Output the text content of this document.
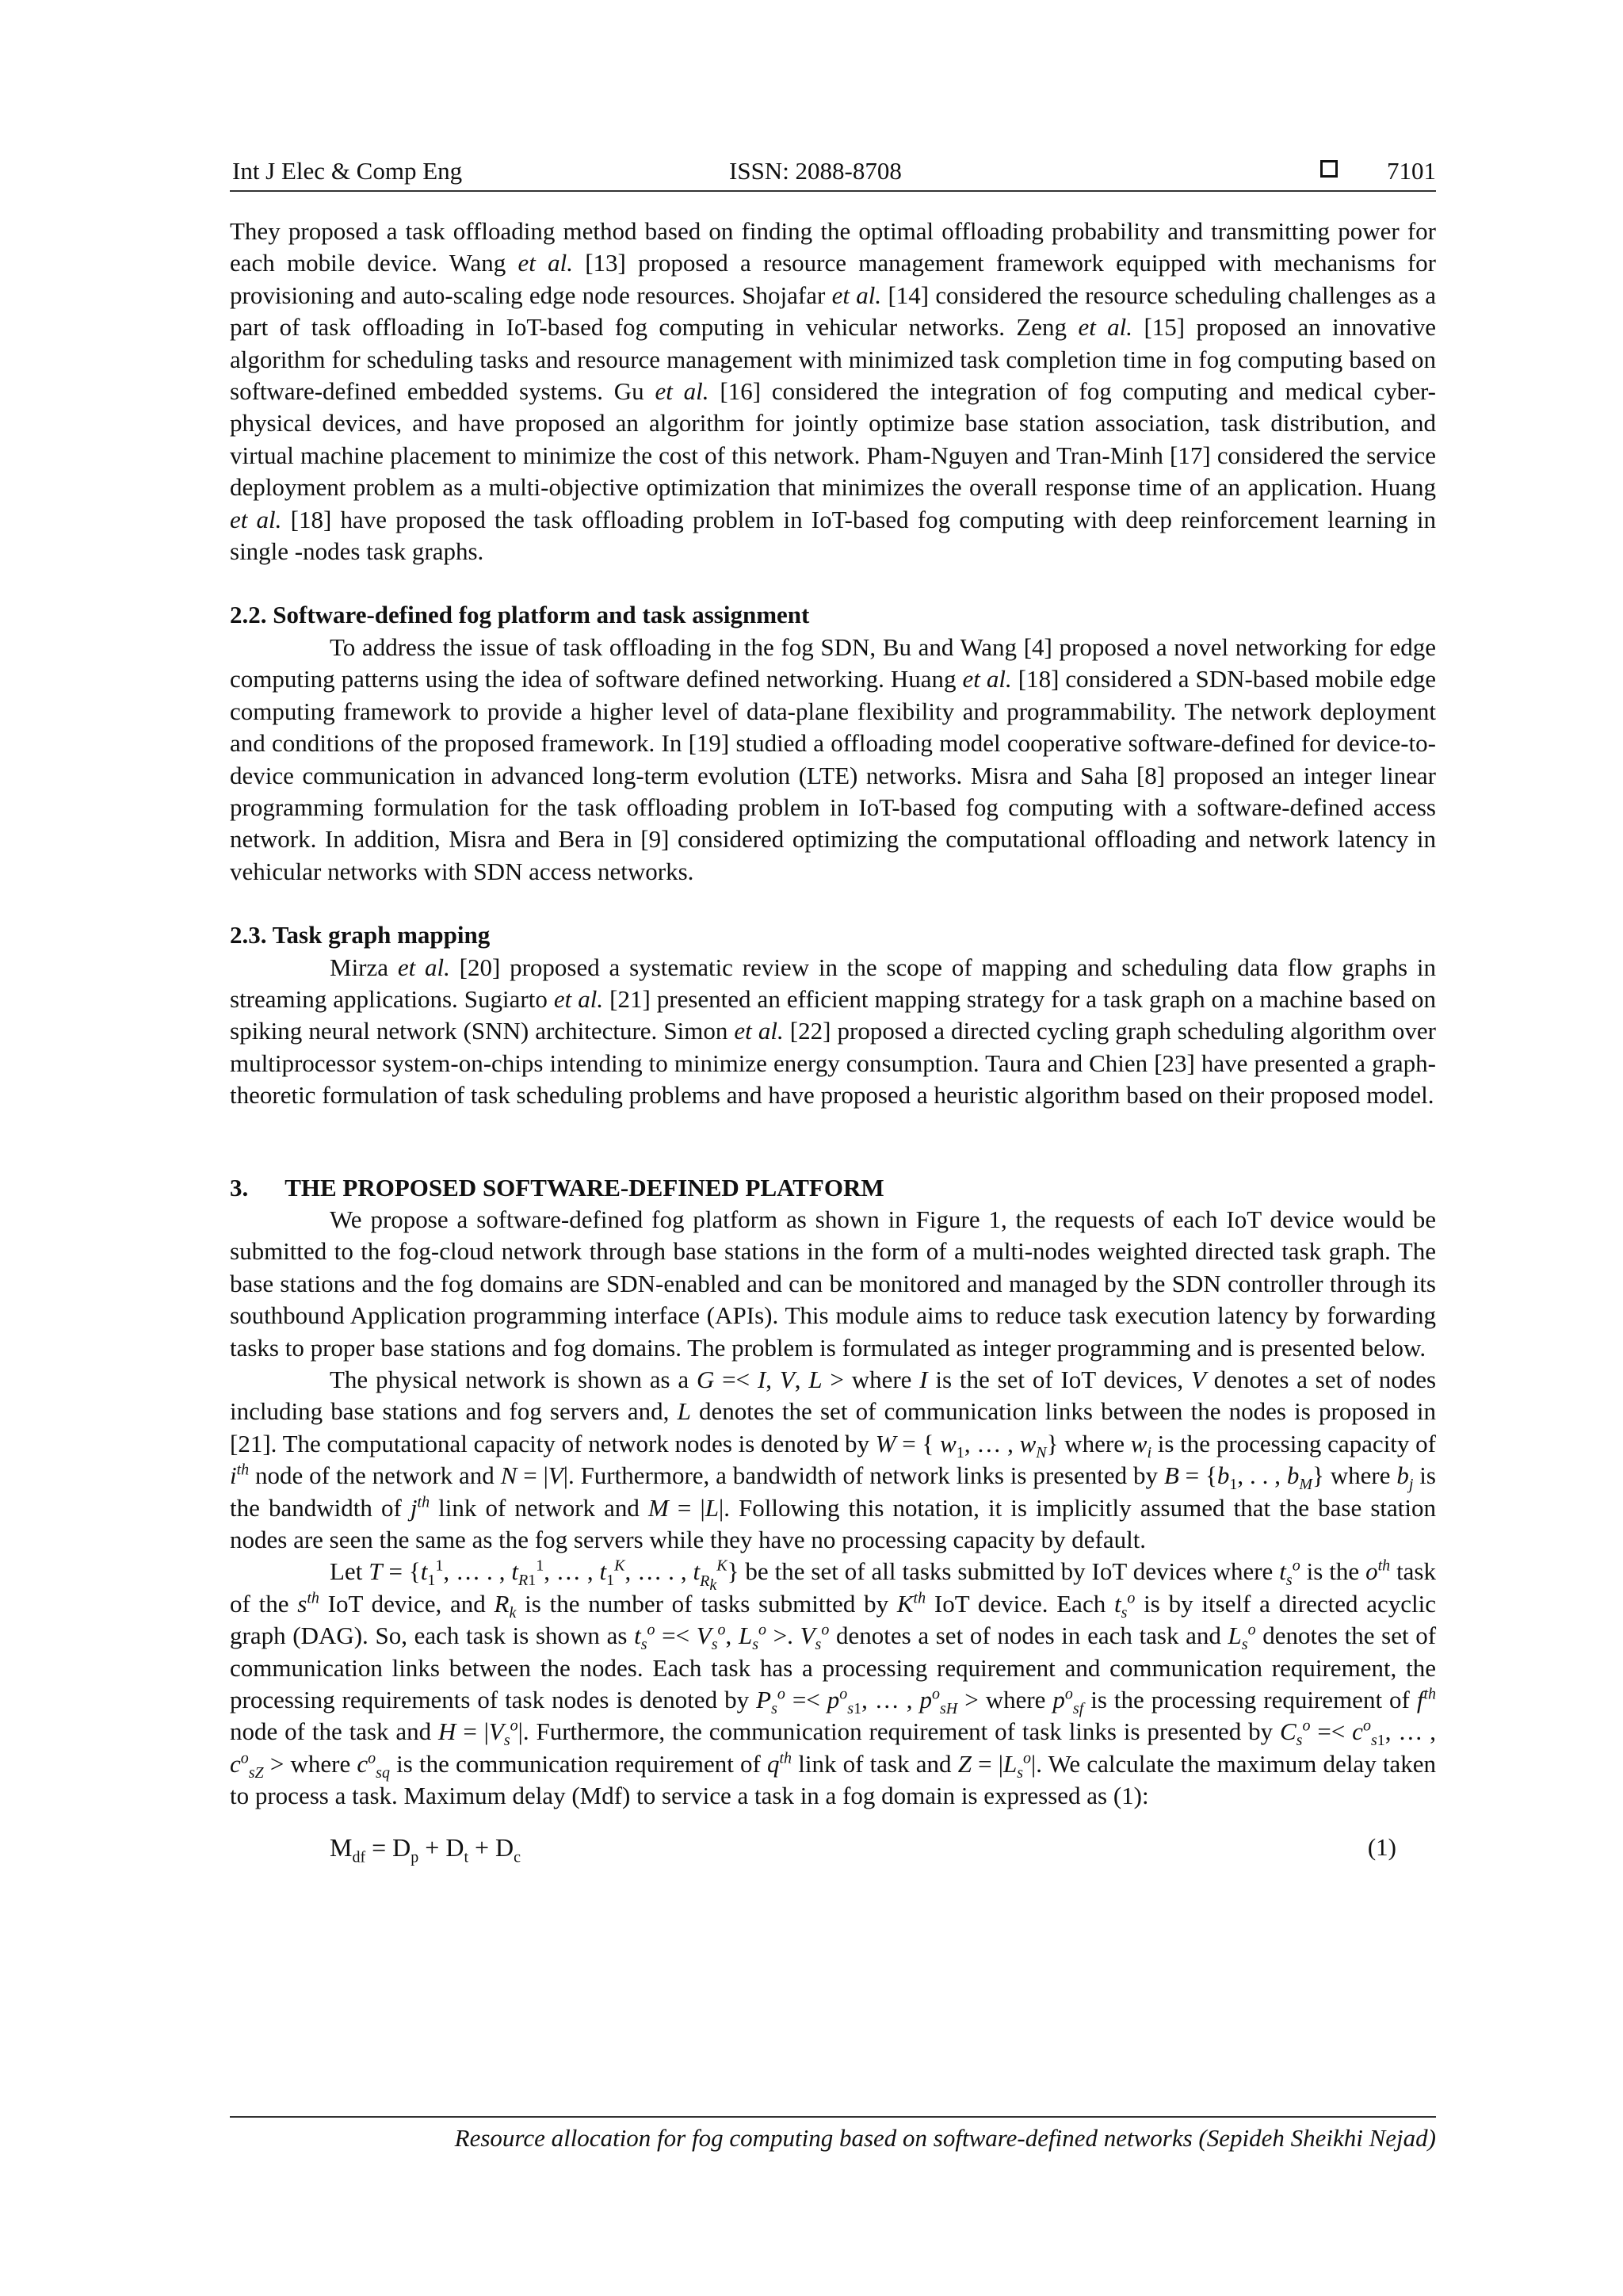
Int J Elec & Comp Eng	ISSN: 2088-8708	7101

They proposed a task offloading method based on finding the optimal offloading probability and transmitting power for each mobile device. Wang et al. [13] proposed a resource management framework equipped with mechanisms for provisioning and auto-scaling edge node resources. Shojafar et al. [14] considered the resource scheduling challenges as a part of task offloading in IoT-based fog computing in vehicular networks. Zeng et al. [15] proposed an innovative algorithm for scheduling tasks and resource management with minimized task completion time in fog computing based on software-defined embedded systems. Gu et al. [16] considered the integration of fog computing and medical cyber-physical devices, and have proposed an algorithm for jointly optimize base station association, task distribution, and virtual machine placement to minimize the cost of this network. Pham-Nguyen and Tran-Minh [17] considered the service deployment problem as a multi-objective optimization that minimizes the overall response time of an application. Huang et al. [18] have proposed the task offloading problem in IoT-based fog computing with deep reinforcement learning in single -nodes task graphs.

2.2. Software-defined fog platform and task assignment

To address the issue of task offloading in the fog SDN, Bu and Wang [4] proposed a novel networking for edge computing patterns using the idea of software defined networking. Huang et al. [18] considered a SDN-based mobile edge computing framework to provide a higher level of data-plane flexibility and programmability. The network deployment and conditions of the proposed framework. In [19] studied a offloading model cooperative software-defined for device-to-device communication in advanced long-term evolution (LTE) networks. Misra and Saha [8] proposed an integer linear programming formulation for the task offloading problem in IoT-based fog computing with a software-defined access network. In addition, Misra and Bera in [9] considered optimizing the computational offloading and network latency in vehicular networks with SDN access networks.

2.3. Task graph mapping

Mirza et al. [20] proposed a systematic review in the scope of mapping and scheduling data flow graphs in streaming applications. Sugiarto et al. [21] presented an efficient mapping strategy for a task graph on a machine based on spiking neural network (SNN) architecture. Simon et al. [22] proposed a directed cycling graph scheduling algorithm over multiprocessor system-on-chips intending to minimize energy consumption. Taura and Chien [23] have presented a graph-theoretic formulation of task scheduling problems and have proposed a heuristic algorithm based on their proposed model.

3.      THE PROPOSED SOFTWARE-DEFINED PLATFORM

We propose a software-defined fog platform as shown in Figure 1, the requests of each IoT device would be submitted to the fog-cloud network through base stations in the form of a multi-nodes weighted directed task graph. The base stations and the fog domains are SDN-enabled and can be monitored and managed by the SDN controller through its southbound Application programming interface (APIs). This module aims to reduce task execution latency by forwarding tasks to proper base stations and fog domains. The problem is formulated as integer programming and is presented below.

The physical network is shown as a G =< I, V, L > where I is the set of IoT devices, V denotes a set of nodes including base stations and fog servers and, L denotes the set of communication links between the nodes is proposed in [21]. The computational capacity of network nodes is denoted by W = { $w_1$, … , $w_N$} where $w_i$ is the processing capacity of $i^{th}$ node of the network and N = |V|. Furthermore, a bandwidth of network links is presented by $B = \{b_1$, . . , $b_M$} where $b_j$ is the bandwidth of $j^{th}$ link of network and M = |L|. Following this notation, it is implicitly assumed that the base station nodes are seen the same as the fog servers while they have no processing capacity by default.

Let $T = \{t_1^1$, … . , $t_{R1}^1$, … , $t_1^K$, … . , $t_{R_k}^K$} be the set of all tasks submitted by IoT devices where $t_s^o$ is the $o^{th}$ task of the $s^{th}$ IoT device, and $R_k$ is the number of tasks submitted by $K^{th}$ IoT device. Each $t_s^o$ is by itself a directed acyclic graph (DAG). So, each task is shown as $t_s^o =< V_s^o$, $L_s^o$ >. $V_s^o$ denotes a set of nodes in each task and $L_s^o$ denotes the set of communication links between the nodes. Each task has a processing requirement and communication requirement, the processing requirements of task nodes is denoted by $P_s^o =< p^o_{s1}$, … , $p^o_{sH}$ > where $p^o_{sf}$ is the processing requirement of $f^{th}$ node of the task and $H = |V_s^o|$. Furthermore, the communication requirement of task links is presented by $C_s^o =< c^o_{s1}$, … , $c^o_{sZ}$ > where $c^o_{sq}$ is the communication requirement of $q^{th}$ link of task and $Z = |L_s^o|$. We calculate the maximum delay taken to process a task. Maximum delay (Mdf) to service a task in a fog domain is expressed as (1):

$M_{df} = D_p + D_t + D_c$	(1)
Resource allocation for fog computing based on software-defined networks (Sepideh Sheikhi Nejad)
